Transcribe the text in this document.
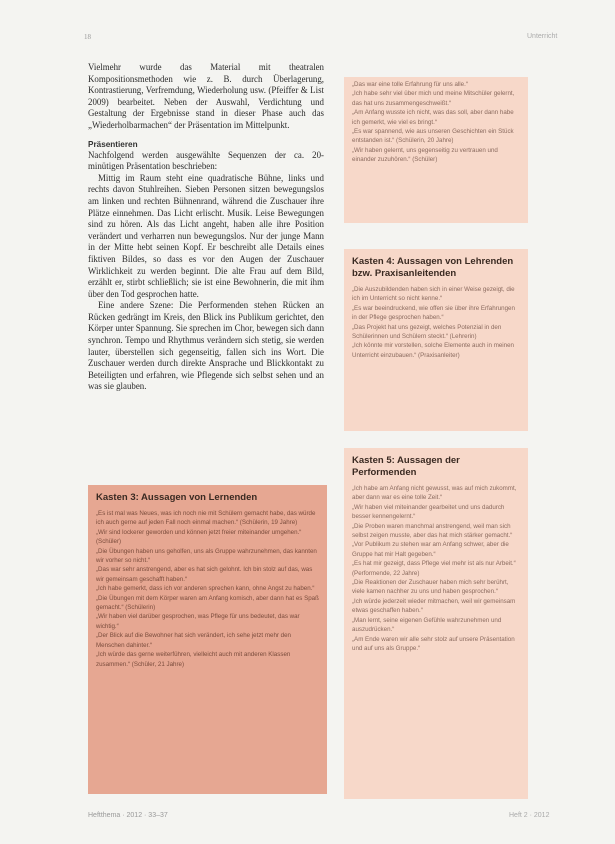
18	Unterricht

Vielmehr wurde das Material mit theatralen Kompositionsmethoden wie z. B. durch Überlagerung, Kontrastierung, Verfremdung, Wiederholung usw. (Pfeiffer & List 2009) bearbeitet. Neben der Auswahl, Verdichtung und Gestaltung der Ergebnisse stand in dieser Phase auch das „Wiederholbarmachen“ der Präsentation im Mittelpunkt.

Präsentieren

Nachfolgend werden ausgewählte Sequenzen der ca. 20-minütigen Präsentation beschrieben:

Mittig im Raum steht eine quadratische Bühne, links und rechts davon Stuhlreihen. Sieben Personen sitzen bewegungslos am linken und rechten Bühnenrand, während die Zuschauer ihre Plätze einnehmen. Das Licht erlischt. Musik. Leise Bewegungen sind zu hören. Als das Licht angeht, haben alle ihre Position verändert und verharren nun bewegungslos. Nur der junge Mann in der Mitte hebt seinen Kopf. Er beschreibt alle Details eines fiktiven Bildes, so dass es vor den Augen der Zuschauer Wirklichkeit zu werden beginnt. Die alte Frau auf dem Bild, erzählt er, stirbt schließlich; sie ist eine Bewohnerin, die mit ihm über den Tod gesprochen hatte.

Eine andere Szene: Die Performenden stehen Rücken an Rücken gedrängt im Kreis, den Blick ins Publikum gerichtet, den Körper unter Spannung. Sie sprechen im Chor, bewegen sich dann synchron. Tempo und Rhythmus verändern sich stetig, sie werden lauter, überstellen sich gegenseitig, fallen sich ins Wort. Die Zuschauer werden durch direkte Ansprache und Blickkontakt zu Beteiligten und erfahren, wie Pflegende sich selbst sehen und an was sie glauben.

Kasten 3: Aussagen von Lernenden

„Es ist mal was Neues, was ich noch nie mit Schülern gemacht habe, das würde ich auch gerne auf jeden Fall noch einmal machen.“ (Schülerin, 19 Jahre)

„Wir sind lockerer geworden und können jetzt freier miteinander umgehen.“ (Schüler)

„Die Übungen haben uns geholfen, uns als Gruppe wahrzunehmen, das kannten wir vorher so nicht.“

„Das war sehr anstrengend, aber es hat sich gelohnt. Ich bin stolz auf das, was wir gemeinsam geschafft haben.“

„Ich habe gemerkt, dass ich vor anderen sprechen kann, ohne Angst zu haben.“

„Die Übungen mit dem Körper waren am Anfang komisch, aber dann hat es Spaß gemacht.“ (Schülerin)

„Wir haben viel darüber gesprochen, was Pflege für uns bedeutet, das war wichtig.“

„Der Blick auf die Bewohner hat sich verändert, ich sehe jetzt mehr den Menschen dahinter.“

„Ich würde das gerne weiterführen, vielleicht auch mit anderen Klassen zusammen.“ (Schüler, 21 Jahre)

„Das war eine tolle Erfahrung für uns alle.“

„Ich habe sehr viel über mich und meine Mitschüler gelernt, das hat uns zusammengeschweißt.“

„Am Anfang wusste ich nicht, was das soll, aber dann habe ich gemerkt, wie viel es bringt.“

„Es war spannend, wie aus unseren Geschichten ein Stück entstanden ist.“ (Schülerin, 20 Jahre)

„Wir haben gelernt, uns gegenseitig zu vertrauen und einander zuzuhören.“ (Schüler)

Kasten 4: Aussagen von Lehrenden bzw. Praxisanleitenden

„Die Auszubildenden haben sich in einer Weise gezeigt, die ich im Unterricht so nicht kenne.“

„Es war beeindruckend, wie offen sie über ihre Erfahrungen in der Pflege gesprochen haben.“

„Das Projekt hat uns gezeigt, welches Potenzial in den Schülerinnen und Schülern steckt.“ (Lehrerin)

„Ich könnte mir vorstellen, solche Elemente auch in meinen Unterricht einzubauen.“ (Praxisanleiter)

Kasten 5: Aussagen der Performenden

„Ich habe am Anfang nicht gewusst, was auf mich zukommt, aber dann war es eine tolle Zeit.“

„Wir haben viel miteinander gearbeitet und uns dadurch besser kennengelernt.“

„Die Proben waren manchmal anstrengend, weil man sich selbst zeigen musste, aber das hat mich stärker gemacht.“

„Vor Publikum zu stehen war am Anfang schwer, aber die Gruppe hat mir Halt gegeben.“

„Es hat mir gezeigt, dass Pflege viel mehr ist als nur Arbeit.“ (Performende, 22 Jahre)

„Die Reaktionen der Zuschauer haben mich sehr berührt, viele kamen nachher zu uns und haben gesprochen.“

„Ich würde jederzeit wieder mitmachen, weil wir gemeinsam etwas geschaffen haben.“

„Man lernt, seine eigenen Gefühle wahrzunehmen und auszudrücken.“

„Am Ende waren wir alle sehr stolz auf unsere Präsentation und auf uns als Gruppe.“

Heftthema · 2012 · 33–37	Heft 2 · 2012
